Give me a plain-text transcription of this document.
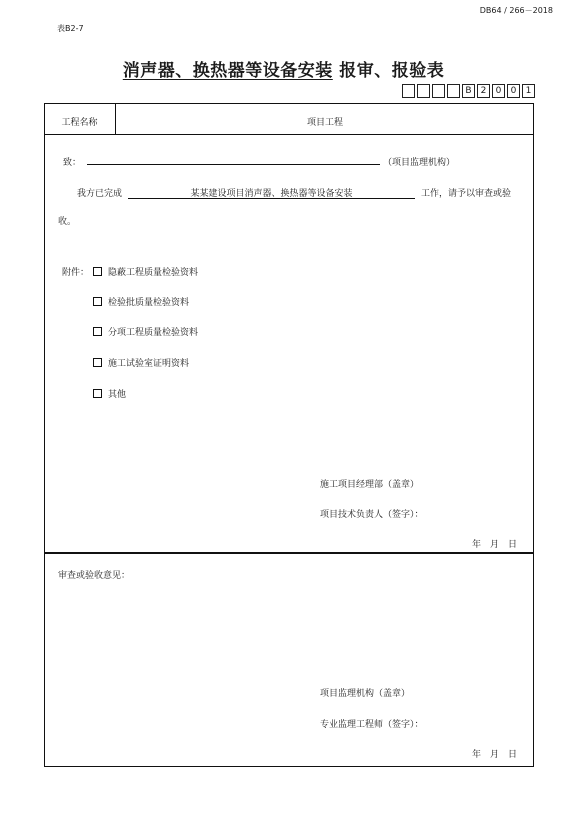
DB64 / 266－2018
表B2-7
消声器、换热器等设备安装 报审、报验表
B	2	0	0	1
工程名称	项目工程
致：	（项目监理机构）
我方已完成	某某建设项目消声器、换热器等设备安装	工作，请予以审查或验
收。
附件：	隐蔽工程质量检验资料
检验批质量检验资料
分项工程质量检验资料
施工试验室证明资料
其他
施工项目经理部（盖章）
项目技术负责人（签字）：
年　月　日
审查或验收意见：
项目监理机构（盖章）
专业监理工程师（签字）：
年　月　日
